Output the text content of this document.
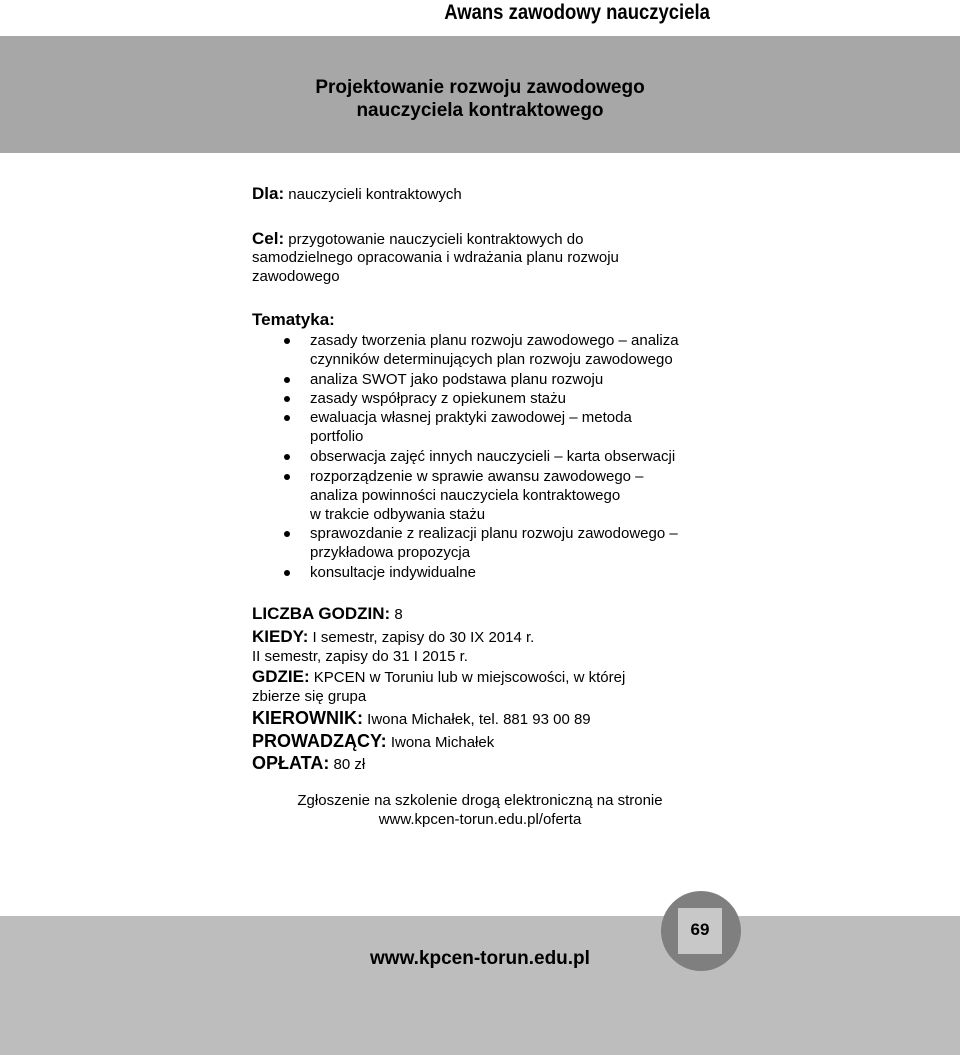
Awans zawodowy nauczyciela
Projektowanie rozwoju zawodowego
nauczyciela kontraktowego
Dla: nauczycieli kontraktowych
Cel: przygotowanie nauczycieli kontraktowych do
samodzielnego opracowania i wdrażania planu rozwoju
zawodowego
Tematyka:
zasady tworzenia planu rozwoju zawodowego – analiza
czynników determinujących plan rozwoju zawodowego
analiza SWOT jako podstawa planu rozwoju
zasady współpracy z opiekunem stażu
ewaluacja własnej praktyki zawodowej – metoda
portfolio
obserwacja zajęć innych nauczycieli – karta obserwacji
rozporządzenie w sprawie awansu zawodowego –
analiza powinności nauczyciela kontraktowego
w trakcie odbywania stażu
sprawozdanie z realizacji planu rozwoju zawodowego –
przykładowa propozycja
konsultacje indywidualne
LICZBA GODZIN: 8
KIEDY: I semestr, zapisy do 30 IX 2014 r.
II semestr, zapisy do 31 I 2015 r.
GDZIE: KPCEN w Toruniu lub w miejscowości, w której
zbierze się grupa
KIEROWNIK: Iwona Michałek, tel. 881 93 00 89
PROWADZĄCY: Iwona Michałek
OPŁATA: 80 zł
Zgłoszenie na szkolenie drogą elektroniczną na stronie
www.kpcen-torun.edu.pl/oferta
www.kpcen-torun.edu.pl
69
